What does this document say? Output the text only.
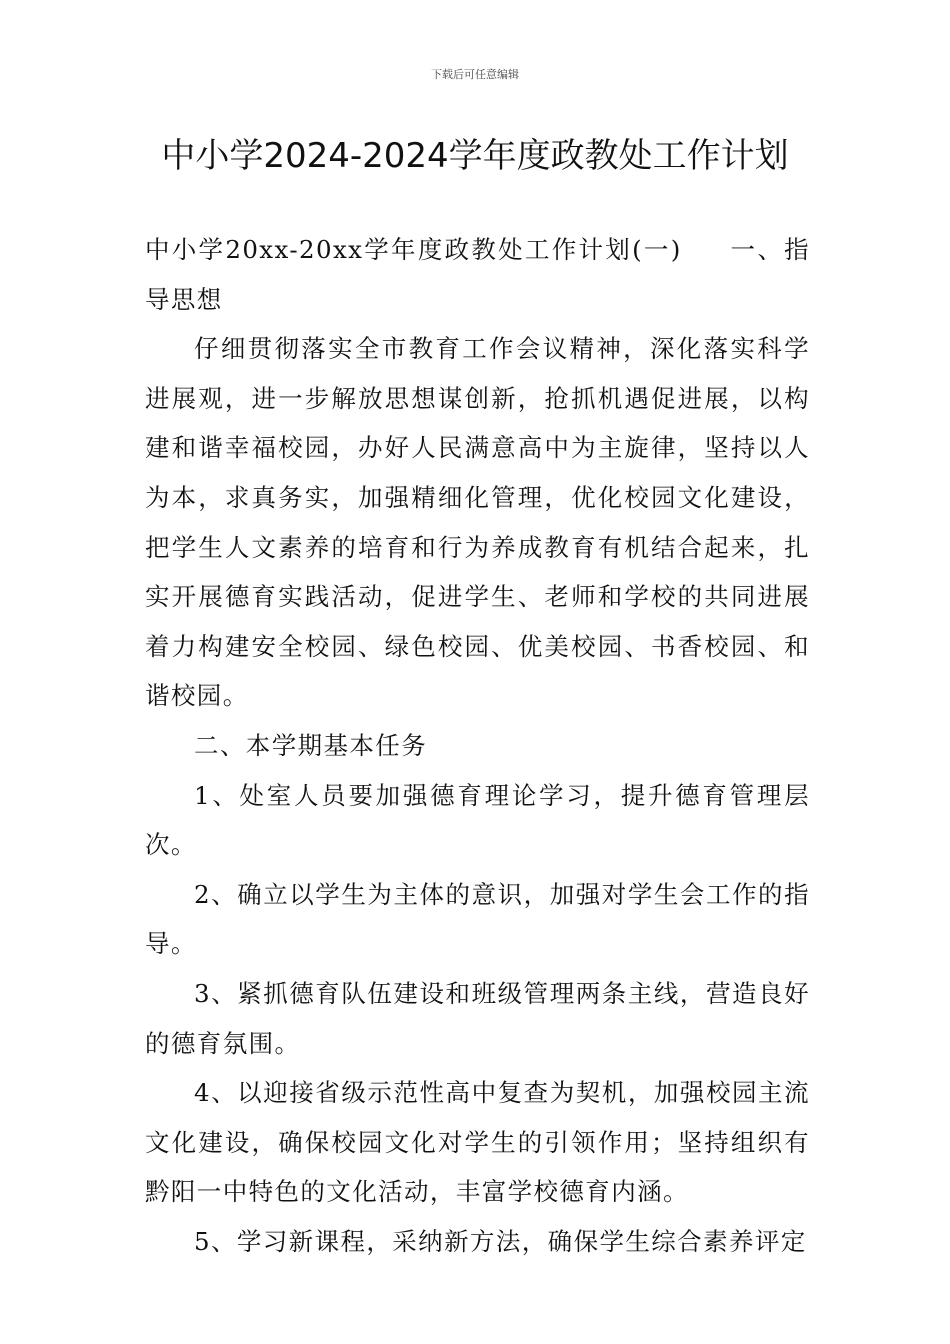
下载后可任意编辑
中小学2024-2024学年度政教处工作计划

中小学20xx-20xx学年度政教处工作计划(一) 一、指导思想

仔细贯彻落实全市教育工作会议精神，深化落实科学进展观，进一步解放思想谋创新，抢抓机遇促进展，以构建和谐幸福校园，办好人民满意高中为主旋律，坚持以人为本，求真务实，加强精细化管理，优化校园文化建设，把学生人文素养的培育和行为养成教育有机结合起来，扎实开展德育实践活动，促进学生、老师和学校的共同进展着力构建安全校园、绿色校园、优美校园、书香校园、和谐校园。

二、本学期基本任务

1、处室人员要加强德育理论学习，提升德育管理层次。

2、确立以学生为主体的意识，加强对学生会工作的指导。

3、紧抓德育队伍建设和班级管理两条主线，营造良好的德育氛围。

4、以迎接省级示范性高中复查为契机，加强校园主流文化建设，确保校园文化对学生的引领作用；坚持组织有黔阳一中特色的文化活动，丰富学校德育内涵。

5、学习新课程，采纳新方法，确保学生综合素养评定
